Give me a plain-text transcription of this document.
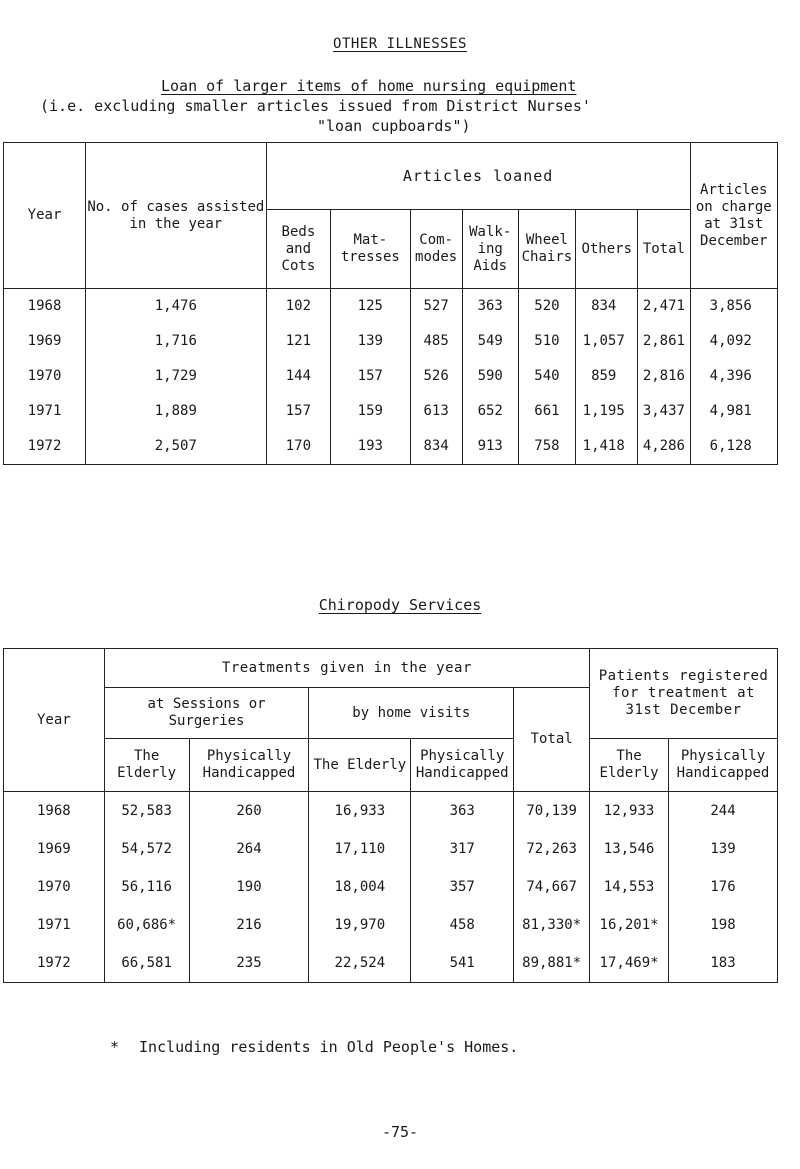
OTHER ILLNESSES
Loan of larger items of home nursing equipment
(i.e. excluding smaller articles issued from District Nurses'
"loan cupboards")
Year	No. of cases assisted in the year	Articles loaned							Articles on charge at 31st December
		Beds and Cots	Mat- tresses	Com- modes	Walk- ing Aids	Wheel Chairs	Others	Total	
1968	1,476	102	125	527	363	520	834	2,471	3,856
1969	1,716	121	139	485	549	510	1,057	2,861	4,092
1970	1,729	144	157	526	590	540	859	2,816	4,396
1971	1,889	157	159	613	652	661	1,195	3,437	4,981
1972	2,507	170	193	834	913	758	1,418	4,286	6,128
Chiropody Services
Year	Treatments given in the year					Patients registered for treatment at 31st December	
	at Sessions or Surgeries		by home visits		Total		
	The Elderly	Physically Handicapped	The Elderly	Physically Handicapped		The Elderly	Physically Handicapped
1968	52,583	260	16,933	363	70,139	12,933	244
1969	54,572	264	17,110	317	72,263	13,546	139
1970	56,116	190	18,004	357	74,667	14,553	176
1971	60,686*	216	19,970	458	81,330*	16,201*	198
1972	66,581	235	22,524	541	89,881*	17,469*	183
* Including residents in Old People's Homes.
-75-
